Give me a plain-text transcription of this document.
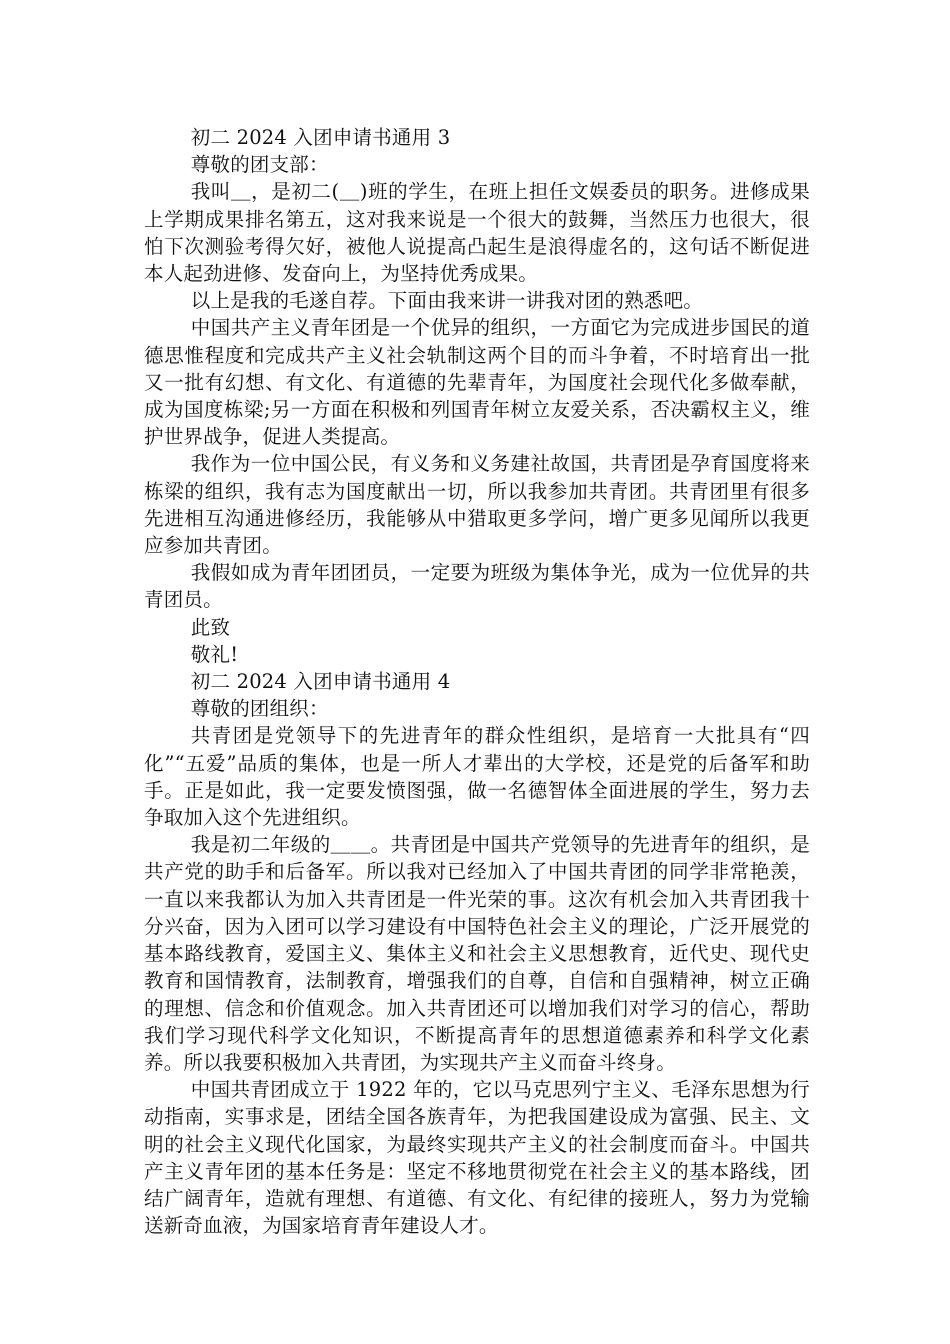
初二 2024 入团申请书通用 3

尊敬的团支部：

我叫＿，是初二(＿)班的学生，在班上担任文娱委员的职务。进修成果上学期成果排名第五，这对我来说是一个很大的鼓舞，当然压力也很大，很怕下次测验考得欠好，被他人说提高凸起生是浪得虚名的，这句话不断促进本人起劲进修、发奋向上，为坚持优秀成果。

以上是我的毛遂自荐。下面由我来讲一讲我对团的熟悉吧。

中国共产主义青年团是一个优异的组织，一方面它为完成进步国民的道德思惟程度和完成共产主义社会轨制这两个目的而斗争着，不时培育出一批又一批有幻想、有文化、有道德的先辈青年，为国度社会现代化多做奉献，成为国度栋梁;另一方面在积极和列国青年树立友爱关系，否决霸权主义，维护世界战争，促进人类提高。

我作为一位中国公民，有义务和义务建社故国，共青团是孕育国度将来栋梁的组织，我有志为国度献出一切，所以我参加共青团。共青团里有很多先进相互沟通进修经历，我能够从中猎取更多学问，增广更多见闻所以我更应参加共青团。

我假如成为青年团团员，一定要为班级为集体争光，成为一位优异的共青团员。

此致

敬礼!

初二 2024 入团申请书通用 4

尊敬的团组织：

共青团是党领导下的先进青年的群众性组织，是培育一大批具有“四化”“五爱”品质的集体，也是一所人才辈出的大学校，还是党的后备军和助手。正是如此，我一定要发愤图强，做一名德智体全面进展的学生，努力去争取加入这个先进组织。

我是初二年级的＿＿。共青团是中国共产党领导的先进青年的组织，是共产党的助手和后备军。所以我对已经加入了中国共青团的同学非常艳羡，一直以来我都认为加入共青团是一件光荣的事。这次有机会加入共青团我十分兴奋，因为入团可以学习建设有中国特色社会主义的理论，广泛开展党的基本路线教育，爱国主义、集体主义和社会主义思想教育，近代史、现代史教育和国情教育，法制教育，增强我们的自尊，自信和自强精神，树立正确的理想、信念和价值观念。加入共青团还可以增加我们对学习的信心，帮助我们学习现代科学文化知识，不断提高青年的思想道德素养和科学文化素养。所以我要积极加入共青团，为实现共产主义而奋斗终身。

中国共青团成立于 1922 年的，它以马克思列宁主义、毛泽东思想为行动指南，实事求是，团结全国各族青年，为把我国建设成为富强、民主、文明的社会主义现代化国家，为最终实现共产主义的社会制度而奋斗。中国共产主义青年团的基本任务是：坚定不移地贯彻党在社会主义的基本路线，团结广阔青年，造就有理想、有道德、有文化、有纪律的接班人，努力为党输送新奇血液，为国家培育青年建设人才。
